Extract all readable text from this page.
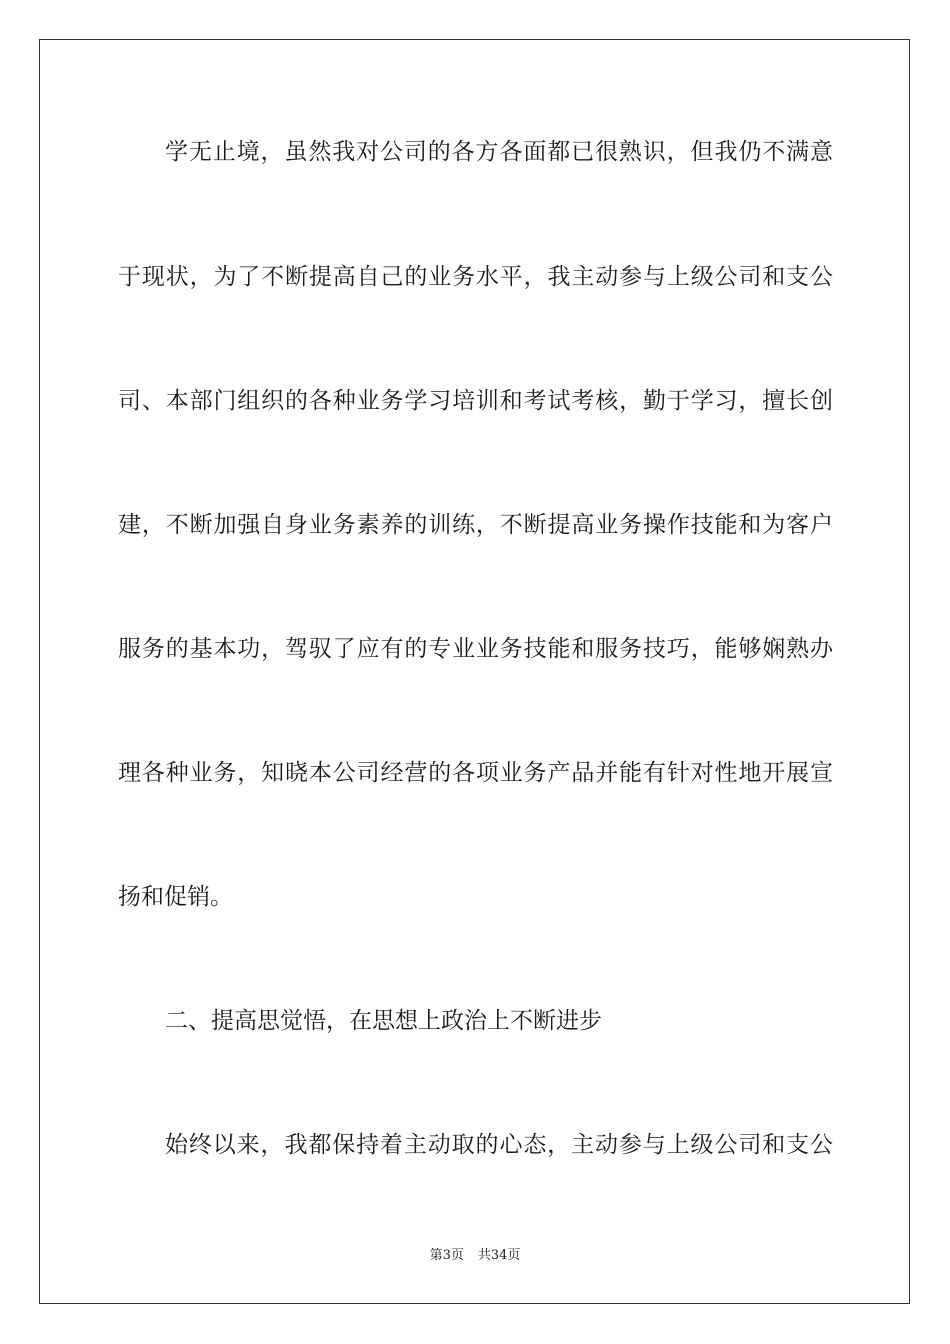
学无止境，虽然我对公司的各方各面都已很熟识，但我仍不满意
于现状，为了不断提高自己的业务水平，我主动参与上级公司和支公
司、本部门组织的各种业务学习培训和考试考核，勤于学习，擅长创
建，不断加强自身业务素养的训练，不断提高业务操作技能和为客户
服务的基本功，驾驭了应有的专业业务技能和服务技巧，能够娴熟办
理各种业务，知晓本公司经营的各项业务产品并能有针对性地开展宣
扬和促销。
二、提高思觉悟，在思想上政治上不断进步
始终以来，我都保持着主动取的心态，主动参与上级公司和支公
第3页 共34页
